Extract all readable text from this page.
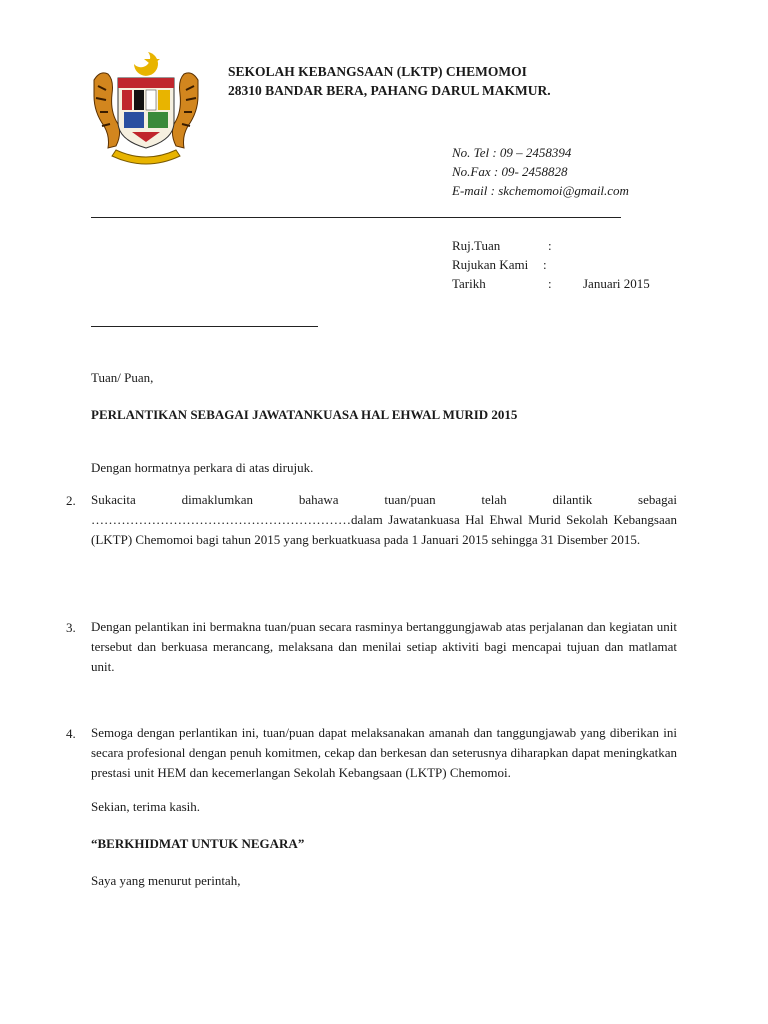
SEKOLAH KEBANGSAAN (LKTP) CHEMOMOI
28310 BANDAR BERA, PAHANG DARUL MAKMUR.
No. Tel : 09 – 2458394
No.Fax : 09- 2458828
E-mail : skchemomoi@gmail.com
Ruj.Tuan	:
Rujukan Kami :
Tarikh	: Januari 2015
Tuan/ Puan,
PERLANTIKAN SEBAGAI JAWATANKUASA HAL EHWAL MURID 2015
Dengan hormatnya perkara di atas dirujuk.
2. Sukacita dimaklumkan bahawa tuan/puan telah dilantik sebagai ……………………………………………………dalam Jawatankuasa Hal Ehwal Murid Sekolah Kebangsaan (LKTP) Chemomoi bagi tahun 2015 yang berkuatkuasa pada 1 Januari 2015 sehingga 31 Disember 2015.
3. Dengan pelantikan ini bermakna tuan/puan secara rasminya bertanggungjawab atas perjalanan dan kegiatan unit tersebut dan berkuasa merancang, melaksana dan menilai setiap aktiviti bagi mencapai tujuan dan matlamat unit.
4. Semoga dengan perlantikan ini, tuan/puan dapat melaksanakan amanah dan tanggungjawab yang diberikan ini secara profesional dengan penuh komitmen, cekap dan berkesan dan seterusnya diharapkan dapat meningkatkan prestasi unit HEM dan kecemerlangan Sekolah Kebangsaan (LKTP) Chemomoi.
Sekian, terima kasih.
“BERKHIDMAT UNTUK NEGARA”
Saya yang menurut perintah,
